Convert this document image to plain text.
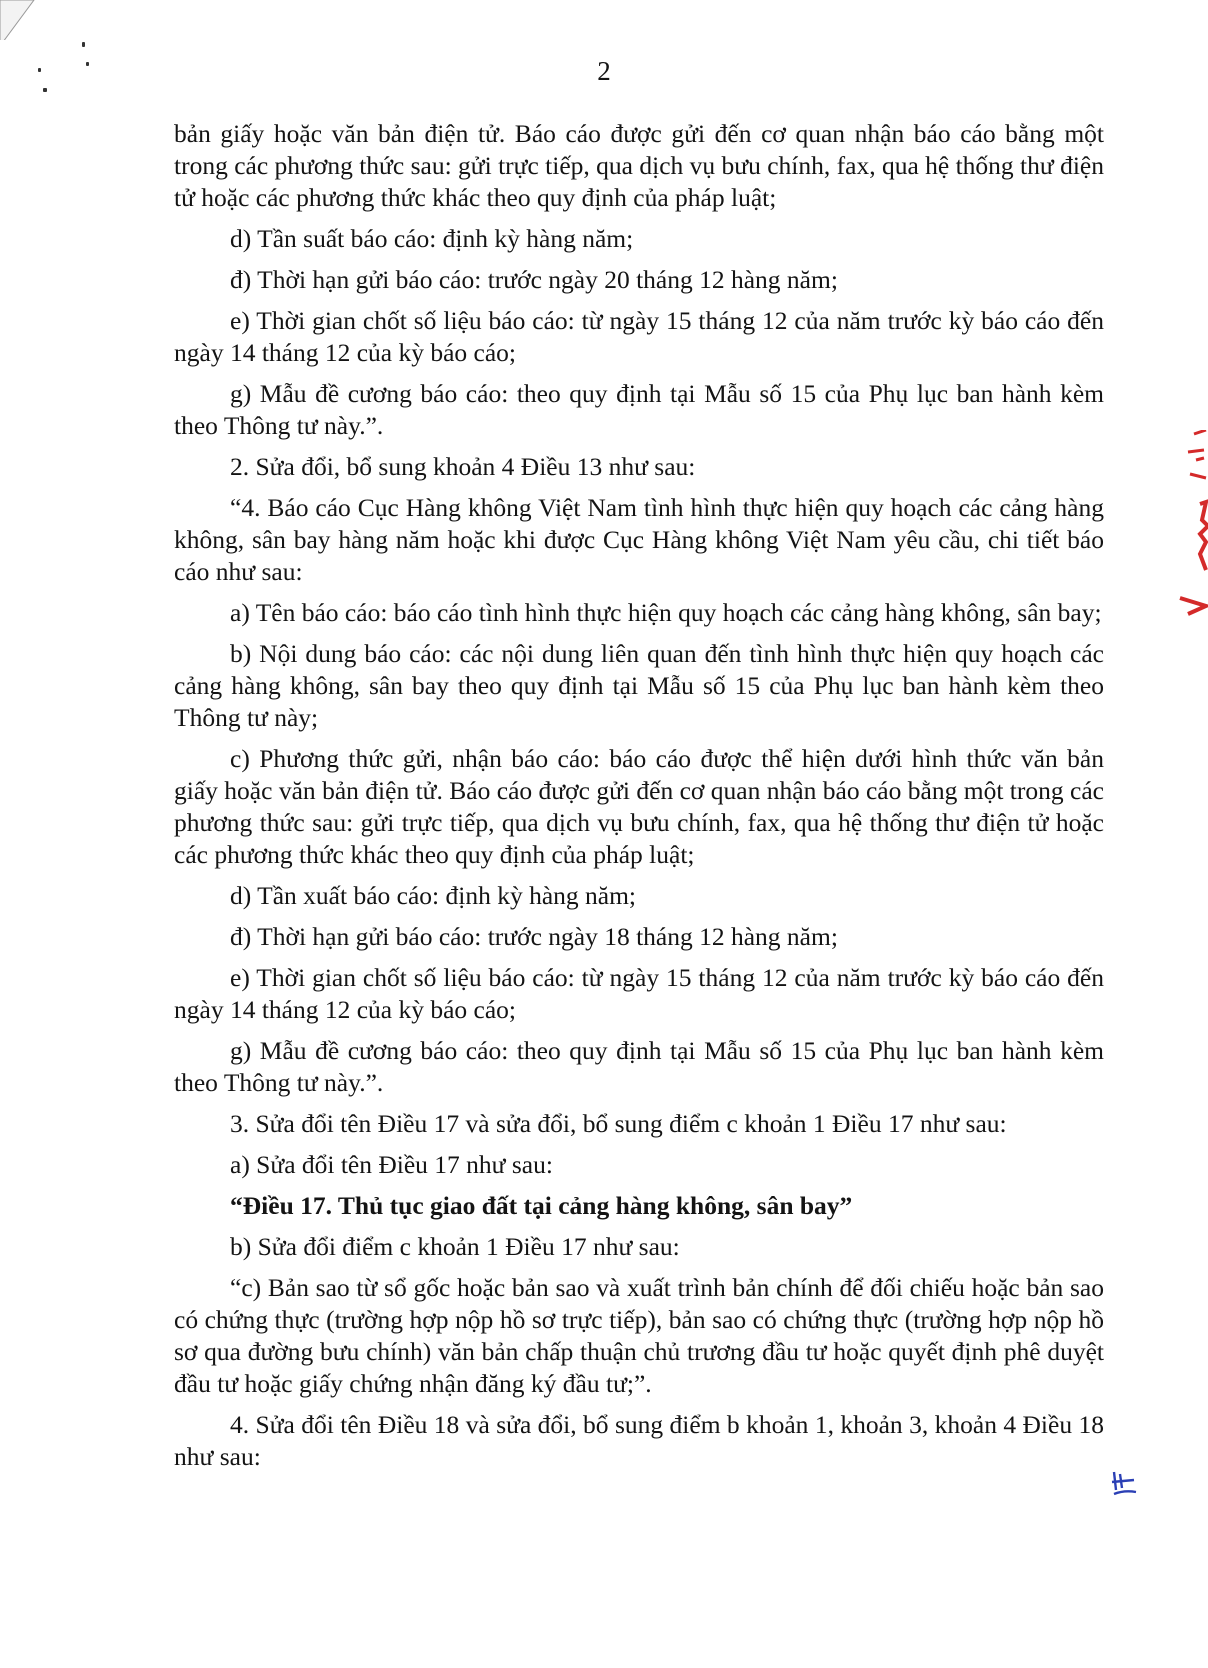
2

bản giấy hoặc văn bản điện tử. Báo cáo được gửi đến cơ quan nhận báo cáo bằng một trong các phương thức sau: gửi trực tiếp, qua dịch vụ bưu chính, fax, qua hệ thống thư điện tử hoặc các phương thức khác theo quy định của pháp luật;

d) Tần suất báo cáo: định kỳ hàng năm;

đ) Thời hạn gửi báo cáo: trước ngày 20 tháng 12 hàng năm;

e) Thời gian chốt số liệu báo cáo: từ ngày 15 tháng 12 của năm trước kỳ báo cáo đến ngày 14 tháng 12 của kỳ báo cáo;

g) Mẫu đề cương báo cáo: theo quy định tại Mẫu số 15 của Phụ lục ban hành kèm theo Thông tư này.”.

2. Sửa đổi, bổ sung khoản 4 Điều 13 như sau:

“4. Báo cáo Cục Hàng không Việt Nam tình hình thực hiện quy hoạch các cảng hàng không, sân bay hàng năm hoặc khi được Cục Hàng không Việt Nam yêu cầu, chi tiết báo cáo như sau:

a) Tên báo cáo: báo cáo tình hình thực hiện quy hoạch các cảng hàng không, sân bay;

b) Nội dung báo cáo: các nội dung liên quan đến tình hình thực hiện quy hoạch các cảng hàng không, sân bay theo quy định tại Mẫu số 15 của Phụ lục ban hành kèm theo Thông tư này;

c) Phương thức gửi, nhận báo cáo: báo cáo được thể hiện dưới hình thức văn bản giấy hoặc văn bản điện tử. Báo cáo được gửi đến cơ quan nhận báo cáo bằng một trong các phương thức sau: gửi trực tiếp, qua dịch vụ bưu chính, fax, qua hệ thống thư điện tử hoặc các phương thức khác theo quy định của pháp luật;

d) Tần xuất báo cáo: định kỳ hàng năm;

đ) Thời hạn gửi báo cáo: trước ngày 18 tháng 12 hàng năm;

e) Thời gian chốt số liệu báo cáo: từ ngày 15 tháng 12 của năm trước kỳ báo cáo đến ngày 14 tháng 12 của kỳ báo cáo;

g) Mẫu đề cương báo cáo: theo quy định tại Mẫu số 15 của Phụ lục ban hành kèm theo Thông tư này.”.

3. Sửa đổi tên Điều 17 và sửa đổi, bổ sung điểm c khoản 1 Điều 17 như sau:

a) Sửa đổi tên Điều 17 như sau:

“Điều 17. Thủ tục giao đất tại cảng hàng không, sân bay”

b) Sửa đổi điểm c khoản 1 Điều 17 như sau:

“c) Bản sao từ sổ gốc hoặc bản sao và xuất trình bản chính để đối chiếu hoặc bản sao có chứng thực (trường hợp nộp hồ sơ trực tiếp), bản sao có chứng thực (trường hợp nộp hồ sơ qua đường bưu chính) văn bản chấp thuận chủ trương đầu tư hoặc quyết định phê duyệt đầu tư hoặc giấy chứng nhận đăng ký đầu tư;”.

4. Sửa đổi tên Điều 18 và sửa đổi, bổ sung điểm b khoản 1, khoản 3, khoản 4 Điều 18 như sau:
